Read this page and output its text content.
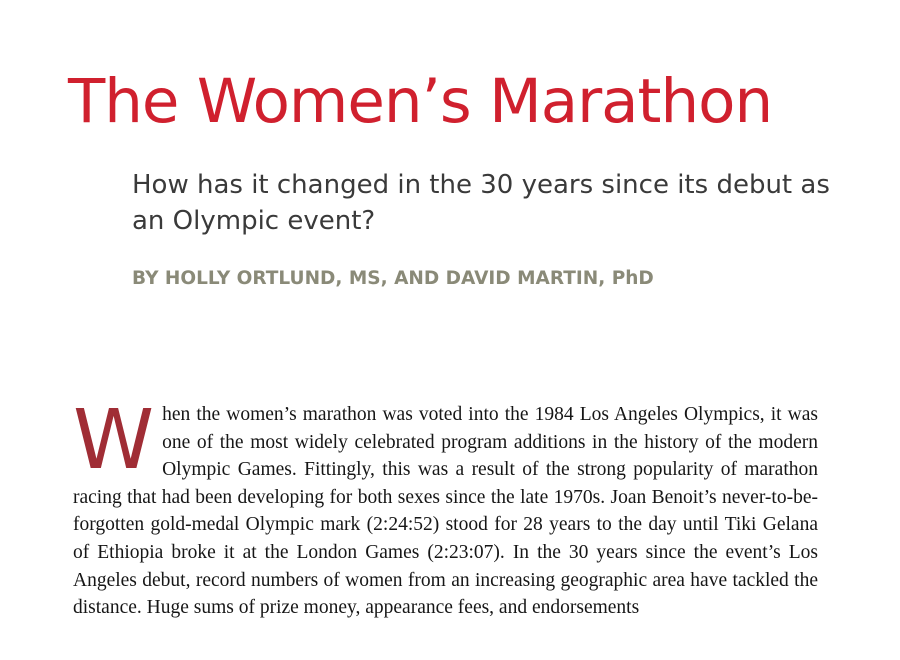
The Women’s Marathon

How has it changed in the 30 years since its debut as an Olympic event?

BY HOLLY ORTLUND, MS, AND DAVID MARTIN, PhD

When the women’s marathon was voted into the 1984 Los Angeles Olympics, it was one of the most widely celebrated program additions in the history of the modern Olympic Games. Fittingly, this was a result of the strong popularity of marathon racing that had been developing for both sexes since the late 1970s. Joan Benoit’s never-to-be-forgotten gold-medal Olympic mark (2:24:52) stood for 28 years to the day until Tiki Gelana of Ethiopia broke it at the London Games (2:23:07). In the 30 years since the event’s Los Angeles debut, record numbers of women from an increasing geographic area have tackled the distance. Huge sums of prize money, appearance fees, and endorsements
